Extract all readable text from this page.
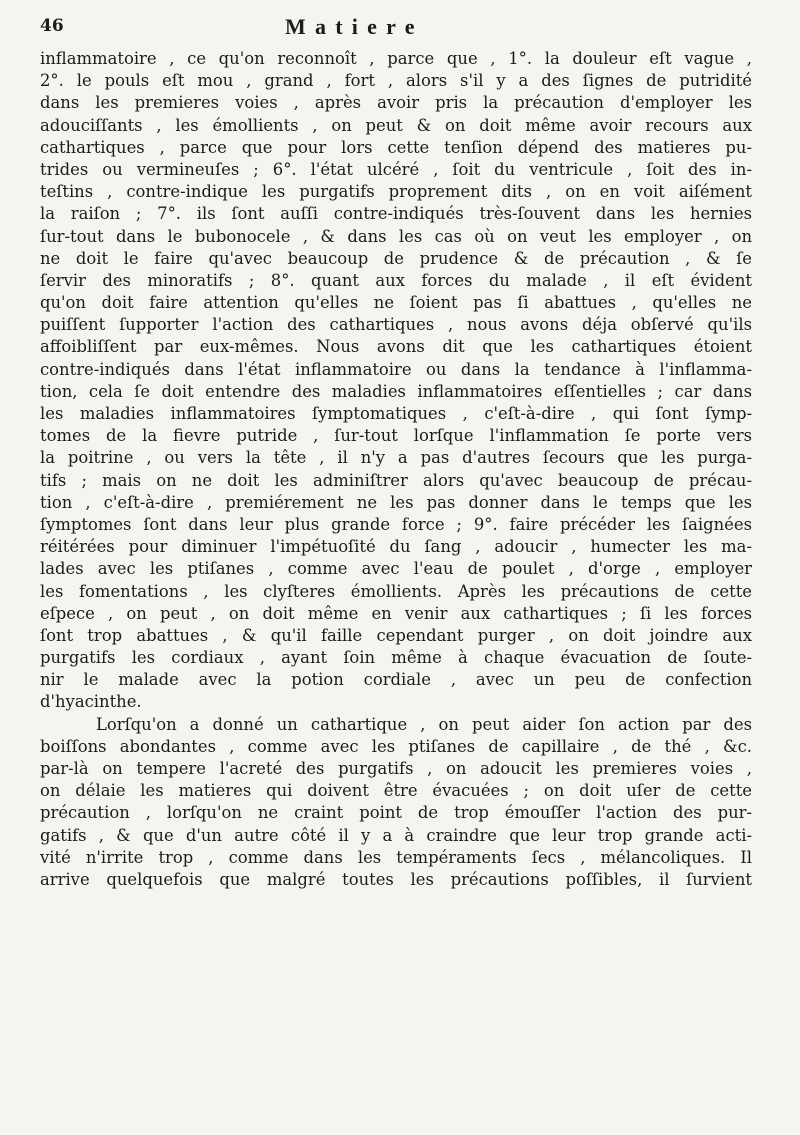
46	Matiere
inflammatoire , ce qu'on reconnoît , parce que , 1°. la douleur eſt vague ,
2°. le pouls eſt mou , grand , fort , alors s'il y a des ſignes de putridité
dans les premieres voies , après avoir pris la précaution d'employer les
adouciſſants , les émollients , on peut & on doit même avoir recours aux
cathartiques , parce que pour lors cette tenſion dépend des matieres pu-
trides ou vermineuſes ; 6°. l'état ulcéré , ſoit du ventricule , ſoit des in-
teſtins , contre-indique les purgatifs proprement dits , on en voit aiſément
la raiſon ; 7°. ils ſont auſſi contre-indiqués très-ſouvent dans les hernies
ſur-tout dans le bubonocele , & dans les cas où on veut les employer , on
ne doit le faire qu'avec beaucoup de prudence & de précaution , & ſe
ſervir des minoratifs ; 8°. quant aux forces du malade , il eſt évident
qu'on doit faire attention qu'elles ne ſoient pas ſi abattues , qu'elles ne
puiſſent ſupporter l'action des cathartiques , nous avons déja obſervé qu'ils
affoibliſſent par eux-mêmes. Nous avons dit que les cathartiques étoient
contre-indiqués dans l'état inflammatoire ou dans la tendance à l'inflamma-
tion, cela ſe doit entendre des maladies inflammatoires eſſentielles ; car dans
les maladies inflammatoires ſymptomatiques , c'eſt-à-dire , qui ſont ſymp-
tomes de la fievre putride , ſur-tout lorſque l'inflammation ſe porte vers
la poitrine , ou vers la tête , il n'y a pas d'autres ſecours que les purga-
tifs ; mais on ne doit les adminiſtrer alors qu'avec beaucoup de précau-
tion , c'eſt-à-dire , premiérement ne les pas donner dans le temps que les
ſymptomes ſont dans leur plus grande force ; 9°. faire précéder les ſaignées
réitérées pour diminuer l'impétuoſité du ſang , adoucir , humecter les ma-
lades avec les ptiſanes , comme avec l'eau de poulet , d'orge , employer
les fomentations , les clyſteres émollients. Après les précautions de cette
eſpece , on peut , on doit même en venir aux cathartiques ; ſi les forces
ſont trop abattues , & qu'il faille cependant purger , on doit joindre aux
purgatifs les cordiaux , ayant ſoin même à chaque évacuation de ſoute-
nir le malade avec la potion cordiale , avec un peu de confection
d'hyacinthe.
Lorſqu'on a donné un cathartique , on peut aider ſon action par des
boiſſons abondantes , comme avec les ptiſanes de capillaire , de thé , &c.
par-là on tempere l'acreté des purgatifs , on adoucit les premieres voies ,
on délaie les matieres qui doivent être évacuées ; on doit uſer de cette
précaution , lorſqu'on ne craint point de trop émouſſer l'action des pur-
gatifs , & que d'un autre côté il y a à craindre que leur trop grande acti-
vité n'irrite trop , comme dans les tempéraments ſecs , mélancoliques. Il
arrive quelquefois que malgré toutes les précautions poſſibles, il ſurvient
